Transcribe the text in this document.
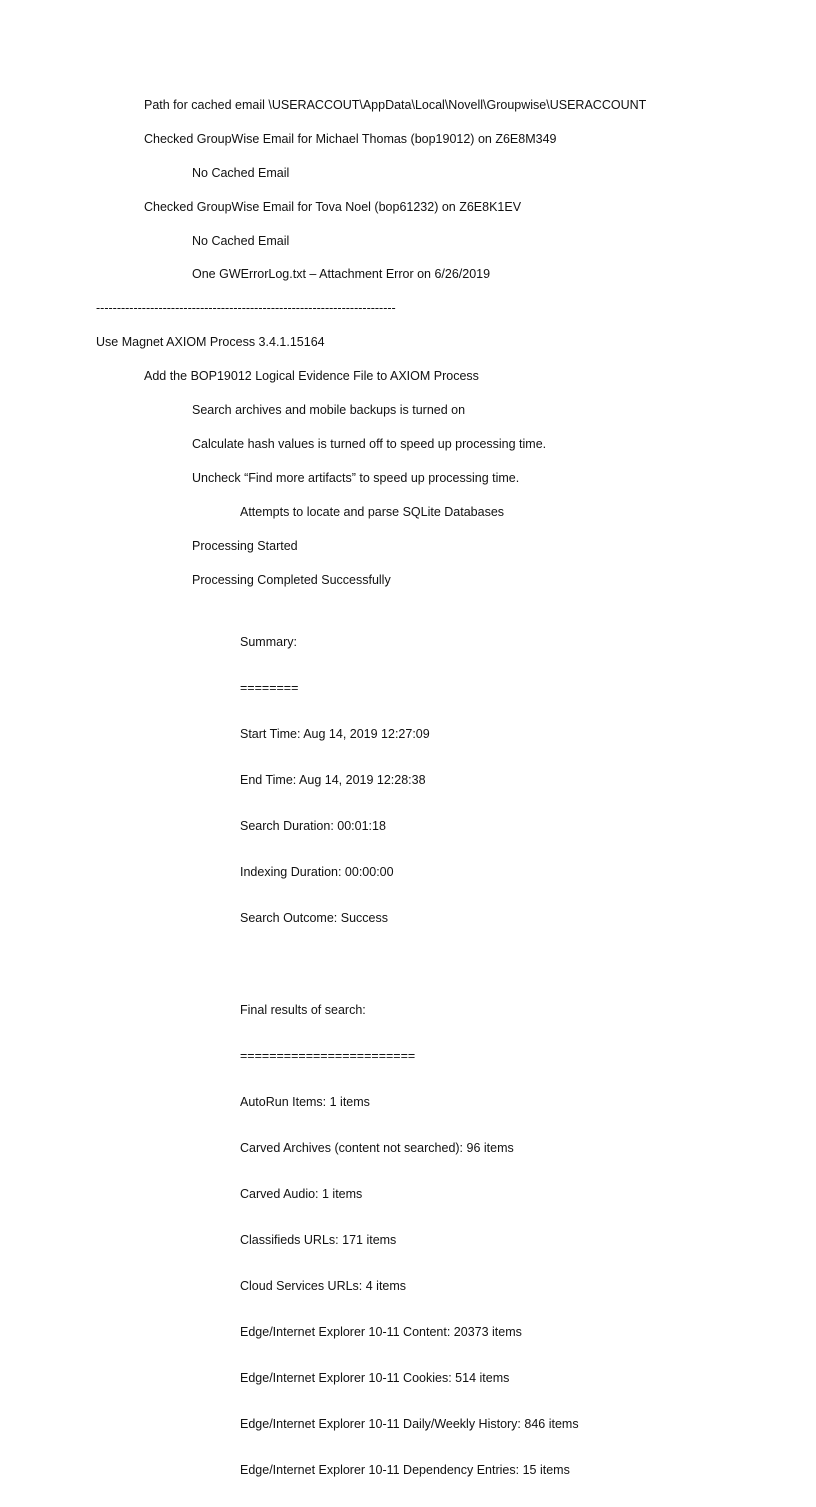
Path for cached email \USERACCOUT\AppData\Local\Novell\Groupwise\USERACCOUNT
Checked GroupWise Email for Michael Thomas (bop19012) on Z6E8M349
No Cached Email
Checked GroupWise Email for Tova Noel (bop61232) on Z6E8K1EV
No Cached Email
One GWErrorLog.txt – Attachment Error on 6/26/2019
------------------------------------------------------------------------
Use Magnet AXIOM Process 3.4.1.15164
Add the BOP19012 Logical Evidence File to AXIOM Process
Search archives and mobile backups is turned on
Calculate hash values is turned off to speed up processing time.
Uncheck “Find more artifacts” to speed up processing time.
Attempts to locate and parse SQLite Databases
Processing Started
Processing Completed Successfully

Summary:

========

Start Time: Aug 14, 2019 12:27:09

End Time: Aug 14, 2019 12:28:38

Search Duration: 00:01:18

Indexing Duration: 00:00:00

Search Outcome: Success

Final results of search:

========================

AutoRun Items: 1 items

Carved Archives (content not searched): 96 items

Carved Audio: 1 items

Classifieds URLs: 171 items

Cloud Services URLs: 4 items

Edge/Internet Explorer 10-11 Content: 20373 items

Edge/Internet Explorer 10-11 Cookies: 514 items

Edge/Internet Explorer 10-11 Daily/Weekly History: 846 items

Edge/Internet Explorer 10-11 Dependency Entries: 15 items
